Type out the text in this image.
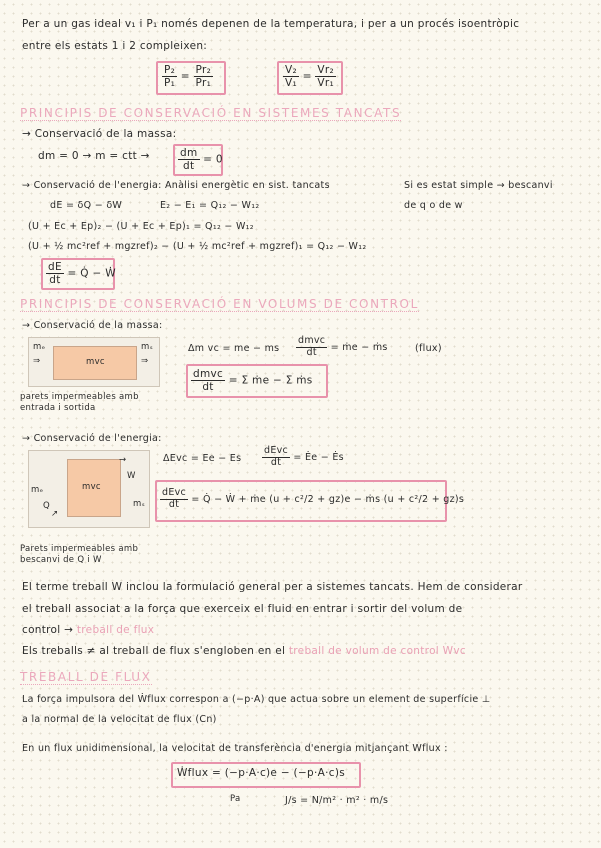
Per a un gas ideal v₁ i P₁ només depenen de la temperatura, i per a un procés isoentròpic
entre els estats 1 i 2 compleixen:
$\frac{\text{P₂}}{\text{P₁}} = \frac{\text{Pr₂}}{\text{Pr₁}}$	$\frac{\text{V₂}}{\text{V₁}} = \frac{\text{Vr₂}}{\text{Vr₁}}$
PRINCIPIS DE CONSERVACIÓ EN SISTEMES TANCATS
→ Conservació de la massa:
dm = 0 → m = ctt →	$\frac{dm}{dt} = 0$
→ Conservació de l'energia: Anàlisi energètic en sist. tancats	Si es estat simple → bescanvi
de q o de w
dE = δQ − δW	E₂ − E₁ = Q₁₂ − W₁₂
(U + Ec + Ep)₂ − (U + Ec + Ep)₁ = Q₁₂ − W₁₂
(U + ½ mc²ref + mgzref)₂ − (U + ½ mc²ref + mgzref)₁ = Q₁₂ − W₁₂
$\frac{dE}{dt}$ = Q̇ − Ẇ
PRINCIPIS DE CONSERVACIÓ EN VOLUMS DE CONTROL
→ Conservació de la massa:
mvc
mₑ	mₛ
⇒	⇒
parets impermeables amb
entrada i sortida
Δm vc = me − ms $\frac{\text{dmvc}}{dt}$ = ṁe − ṁs	(flux)
$\frac{\text{dmvc}}{dt} = \Sigma$ ṁe − Σ ṁs
→ Conservació de l'energia:
mvc
W
Q
mₑ
mₛ
→
↗
Parets impermeables amb
bescanvi de Q i W
ΔEvc = Ee − Es $\frac{\text{dEvc}}{dt}$ = Ėe − Ės
$\frac{\text{dEvc}}{dt}$ = Q̇ − Ẇ + ṁe (u + c²/2 + gz)e − ṁs (u + c²/2 + gz)s
El terme treball W inclou la formulació general per a sistemes tancats. Hem de considerar
el treball associat a la força que exerceix el fluid en entrar i sortir del volum de
control → treball de flux
Els treballs ≠ al treball de flux s'engloben en el treball de volum de control Wvc
TREBALL DE FLUX
La força impulsora del Ẇflux correspon a (−p·A) que actua sobre un element de superfície ⊥
a la normal de la velocitat de flux (Cn)
En un flux unidimensional, la velocitat de transferència d'energia mitjançant Wflux :
Ẇflux = (−p·A·c)e − (−p·A·c)s
Pa	J/s = N/m² · m² · m/s
